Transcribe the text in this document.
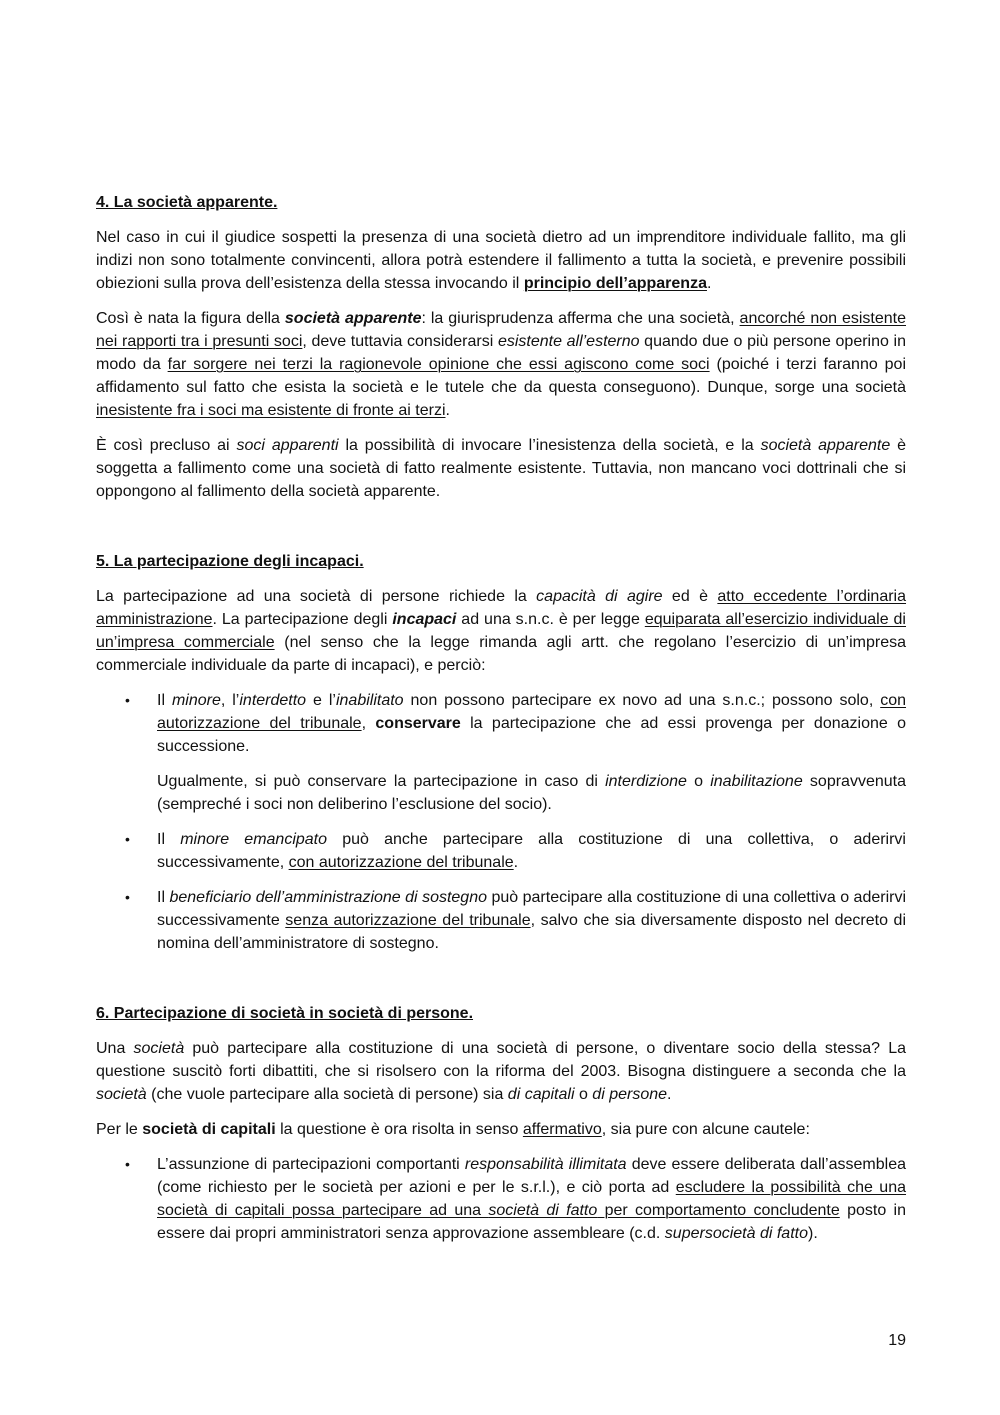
4. La società apparente.

Nel caso in cui il giudice sospetti la presenza di una società dietro ad un imprenditore individuale fallito, ma gli indizi non sono totalmente convincenti, allora potrà estendere il fallimento a tutta la società, e prevenire possibili obiezioni sulla prova dell’esistenza della stessa invocando il principio dell’apparenza.

Così è nata la figura della società apparente: la giurisprudenza afferma che una società, ancorché non esistente nei rapporti tra i presunti soci, deve tuttavia considerarsi esistente all’esterno quando due o più persone operino in modo da far sorgere nei terzi la ragionevole opinione che essi agiscono come soci (poiché i terzi faranno poi affidamento sul fatto che esista la società e le tutele che da questa conseguono). Dunque, sorge una società inesistente fra i soci ma esistente di fronte ai terzi.

È così precluso ai soci apparenti la possibilità di invocare l’inesistenza della società, e la società apparente è soggetta a fallimento come una società di fatto realmente esistente. Tuttavia, non mancano voci dottrinali che si oppongono al fallimento della società apparente.

5. La partecipazione degli incapaci.

La partecipazione ad una società di persone richiede la capacità di agire ed è atto eccedente l’ordinaria amministrazione. La partecipazione degli incapaci ad una s.n.c. è per legge equiparata all’esercizio individuale di un’impresa commerciale (nel senso che la legge rimanda agli artt. che regolano l’esercizio di un’impresa commerciale individuale da parte di incapaci), e perciò:

• Il minore, l’interdetto e l’inabilitato non possono partecipare ex novo ad una s.n.c.; possono solo, con autorizzazione del tribunale, conservare la partecipazione che ad essi provenga per donazione o successione.

Ugualmente, si può conservare la partecipazione in caso di interdizione o inabilitazione sopravvenuta (sempreché i soci non deliberino l’esclusione del socio).

• Il minore emancipato può anche partecipare alla costituzione di una collettiva, o aderirvi successivamente, con autorizzazione del tribunale.

• Il beneficiario dell’amministrazione di sostegno può partecipare alla costituzione di una collettiva o aderirvi successivamente senza autorizzazione del tribunale, salvo che sia diversamente disposto nel decreto di nomina dell’amministratore di sostegno.

6. Partecipazione di società in società di persone.

Una società può partecipare alla costituzione di una società di persone, o diventare socio della stessa? La questione suscitò forti dibattiti, che si risolsero con la riforma del 2003. Bisogna distinguere a seconda che la società (che vuole partecipare alla società di persone) sia di capitali o di persone.

Per le società di capitali la questione è ora risolta in senso affermativo, sia pure con alcune cautele:

• L’assunzione di partecipazioni comportanti responsabilità illimitata deve essere deliberata dall’assemblea (come richiesto per le società per azioni e per le s.r.l.), e ciò porta ad escludere la possibilità che una società di capitali possa partecipare ad una società di fatto per comportamento concludente posto in essere dai propri amministratori senza approvazione assembleare (c.d. supersocietà di fatto).

19
